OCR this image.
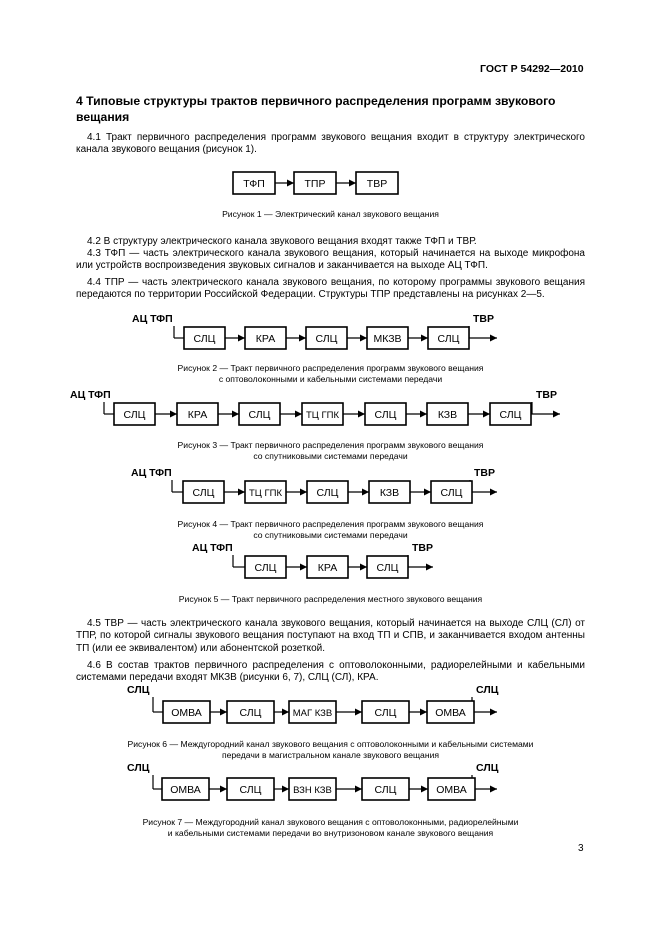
ГОСТ Р 54292—2010
4 Типовые структуры трактов первичного распределения программ звукового вещания
4.1 Тракт первичного распределения программ звукового вещания входит в структуру электрического канала звукового вещания (рисунок 1).
ТФП	ТПР	ТВР
СЛЦ	КРА	СЛЦ	МКЗВ	СЛЦ
АЦ ТФП	ТВР
СЛЦ	КРА	СЛЦ	ТЦ ГПК	СЛЦ	КЗВ	СЛЦ
АЦ ТФП	ТВР
СЛЦ	ТЦ ГПК	СЛЦ	КЗВ	СЛЦ
АЦ ТФП	ТВР
СЛЦ	КРА	СЛЦ
АЦ ТФП	ТВР
ОМВА	СЛЦ	МАГ КЗВ	СЛЦ	ОМВА
СЛЦ	СЛЦ
ОМВА	СЛЦ	ВЗН КЗВ	СЛЦ	ОМВА
СЛЦ	СЛЦ
Рисунок 1 — Электрический канал звукового вещания
4.2 В структуру электрического канала звукового вещания входят также ТФП и ТВР.
4.3 ТФП — часть электрического канала звукового вещания, который начинается на выходе микрофона или устройств воспроизведения звуковых сигналов и заканчивается на выходе АЦ ТФП.
4.4 ТПР — часть электрического канала звукового вещания, по которому программы звукового вещания передаются по территории Российской Федерации. Структуры ТПР представлены на рисунках 2—5.
Рисунок 2 — Тракт первичного распределения программ звукового вещания
с оптоволоконными и кабельными системами передачи
Рисунок 3 — Тракт первичного распределения программ звукового вещания
со спутниковыми системами передачи
Рисунок 4 — Тракт первичного распределения программ звукового вещания
со спутниковыми системами передачи
Рисунок 5 — Тракт первичного распределения местного звукового вещания
4.5 ТВР — часть электрического канала звукового вещания, который начинается на выходе СЛЦ (СЛ) от ТПР, по которой сигналы звукового вещания поступают на вход ТП и СПВ, и заканчивается входом антенны ТП (или ее эквивалентом) или абонентской розеткой.
4.6 В состав трактов первичного распределения с оптоволоконными, радиорелейными и кабельными системами передачи входят МКЗВ (рисунки 6, 7), СЛЦ (СЛ), КРА.
Рисунок 6 — Междугородний канал звукового вещания с оптоволоконными и кабельными системами
передачи в магистральном канале звукового вещания
Рисунок 7 — Междугородний канал звукового вещания с оптоволоконными, радиорелейными
и кабельными системами передачи во внутризоновом канале звукового вещания
3
